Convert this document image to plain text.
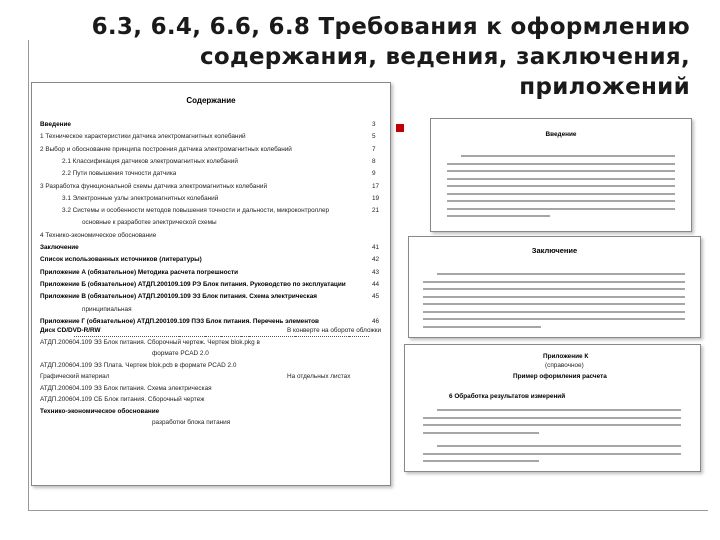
6.3, 6.4, 6.6, 6.8 Требования к оформлению
содержания, ведения, заключения,
приложений
Содержание
Введение	3
1 Техническое характеристики датчика электромагнитных колебаний	5
2 Выбор и обоснование принципа построения датчика электромагнитных колебаний	7
2.1 Классификация датчиков электромагнитных колебаний	8
2.2 Пути повышения точности датчика	9
3 Разработка функциональной схемы датчика электромагнитных колебаний	17
3.1 Электронные узлы электромагнитных колебаний	19
3.2 Системы и особенности методов повышения точности и дальности, микроконтроллер	21
основные к разработке электрической схемы
4 Технико-экономическое обоснование
Заключение	41
Список использованных источников (литературы)	42
Приложение А (обязательное) Методика расчета погрешности	43
Приложение Б (обязательное) АТДП.200109.109 РЭ Блок питания. Руководство по эксплуатации	44
Приложение В (обязательное) АТДП.200109.109 Э3 Блок питания. Схема электрическая	45
принципиальная
Приложение Г (обязательное) АТДП.200109.109 ПЭ3 Блок питания. Перечень элементов	46
Диск CD/DVD-R/RW	В конверте на обороте обложки
АТДП.200604.109 Э3 Блок питания. Сборочный чертеж. Чертеж blok.pkg в
формате PCAD 2.0
АТДП.200604.109 Э3 Плата. Чертеж blok.pcb в формате PCAD 2.0
Графический материал	На отдельных листах
АТДП.200604.109 Э3 Блок питания. Схема электрическая
АТДП.200604.109 СБ Блок питания. Сборочный чертеж
Технико-экономическое обоснование
разработки блока питания
Введение
Заключение
Приложение К
(справочное)
Пример оформления расчета
6 Обработка результатов измерений
